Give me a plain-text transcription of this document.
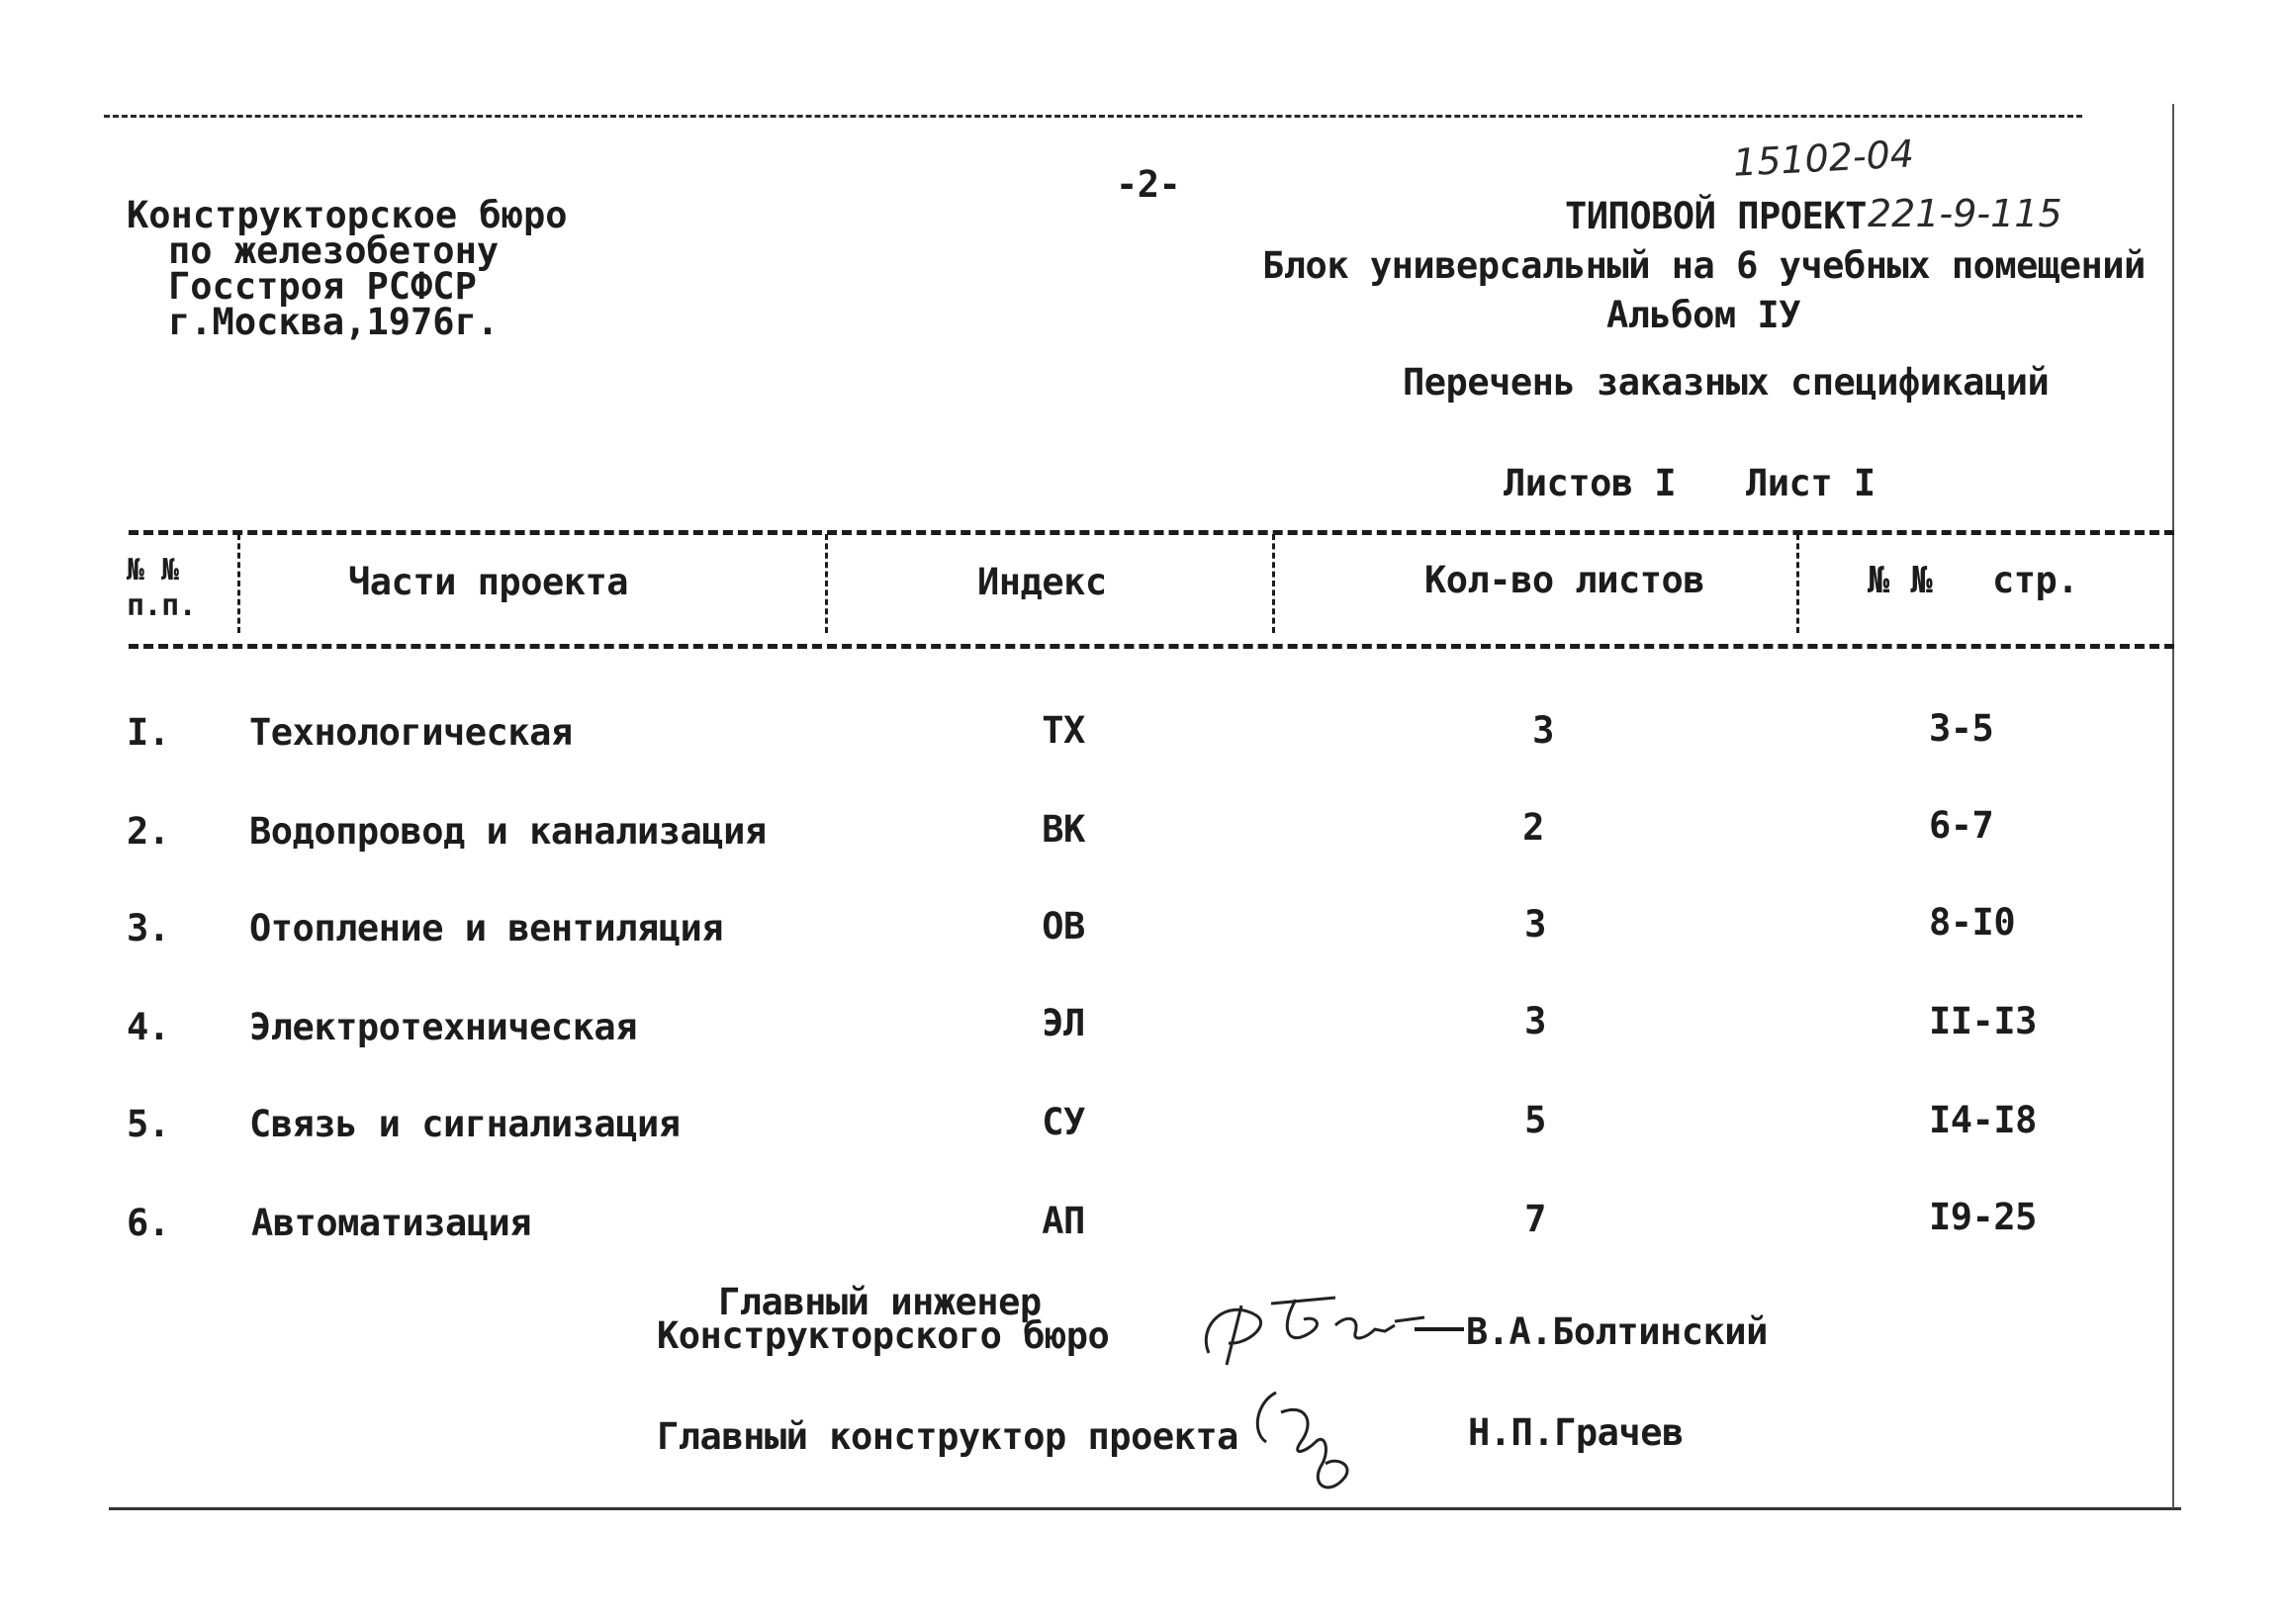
Конструкторское бюро
по железобетону
Госстроя РСФСР
г.Москва,1976г.
-2-	15102-04
ТИПОВОЙ ПРОЕКТ 221-9-115
Блок универсальный на 6 учебных помещений
Альбом IУ
Перечень заказных спецификаций
Листов I Лист I
№ №
п.п.
Части проекта	Индекс	Кол-во листов	№ № стр.
I. Технологическая	ТХ	3	3-5
2. Водопровод и канализация	ВК	2	6-7
3. Отопление и вентиляция	ОВ	3	8-I0
4. Электротехническая	ЭЛ	3	II-I3
5. Связь и сигнализация	СУ	5	I4-I8
6. Автоматизация	АП	7	I9-25
Главный инженер
Конструкторского бюро	В.А.Болтинский
Главный конструктор проекта	Н.П.Грачев
